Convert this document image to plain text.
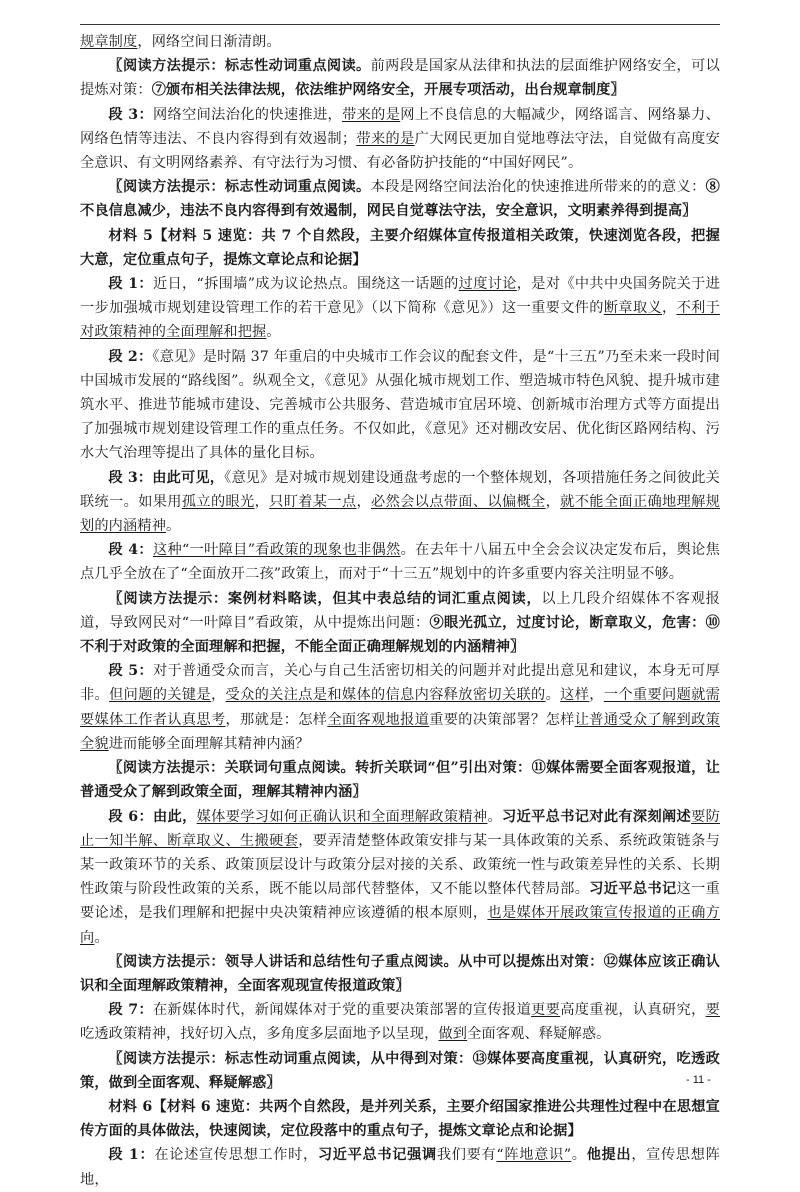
规章制度，网络空间日渐清朗。

〖阅读方法提示：标志性动词重点阅读。前两段是国家从法律和执法的层面维护网络安全，可以提炼对策：⑦颁布相关法律法规，依法维护网络安全，开展专项活动，出台规章制度〗

段 3：网络空间法治化的快速推进，带来的是网上不良信息的大幅减少，网络谣言、网络暴力、网络色情等违法、不良内容得到有效遏制；带来的是广大网民更加自觉地尊法守法，自觉做有高度安全意识、有文明网络素养、有守法行为习惯、有必备防护技能的“中国好网民”。

〖阅读方法提示：标志性动词重点阅读。本段是网络空间法治化的快速推进所带来的的意义：⑧不良信息减少，违法不良内容得到有效遏制，网民自觉尊法守法，安全意识，文明素养得到提高〗

材料 5【材料 5 速览：共 7 个自然段，主要介绍媒体宣传报道相关政策，快速浏览各段，把握大意，定位重点句子，提炼文章论点和论据】

段 1：近日，“拆围墙”成为议论热点。围绕这一话题的过度讨论，是对《中共中央国务院关于进一步加强城市规划建设管理工作的若干意见》（以下简称《意见》）这一重要文件的断章取义，不利于对政策精神的全面理解和把握。

段 2：《意见》是时隔 37 年重启的中央城市工作会议的配套文件，是“十三五”乃至未来一段时间中国城市发展的“路线图”。纵观全文，《意见》从强化城市规划工作、塑造城市特色风貌、提升城市建筑水平、推进节能城市建设、完善城市公共服务、营造城市宜居环境、创新城市治理方式等方面提出了加强城市规划建设管理工作的重点任务。不仅如此，《意见》还对棚改安居、优化街区路网结构、污水大气治理等提出了具体的量化目标。

段 3：由此可见，《意见》是对城市规划建设通盘考虑的一个整体规划，各项措施任务之间彼此关联统一。如果用孤立的眼光，只盯着某一点，必然会以点带面、以偏概全，就不能全面正确地理解规划的内涵精神。

段 4：这种“一叶障目”看政策的现象也非偶然。在去年十八届五中全会会议决定发布后，舆论焦点几乎全放在了“全面放开二孩”政策上，而对于“十三五”规划中的许多重要内容关注明显不够。

〖阅读方法提示：案例材料略读，但其中表总结的词汇重点阅读，以上几段介绍媒体不客观报道，导致网民对“一叶障目”看政策，从中提炼出问题：⑨眼光孤立，过度讨论，断章取义，危害：⑩不利于对政策的全面理解和把握，不能全面正确理解规划的内涵精神〗

段 5：对于普通受众而言，关心与自己生活密切相关的问题并对此提出意见和建议，本身无可厚非。但问题的关键是，受众的关注点是和媒体的信息内容释放密切关联的。这样，一个重要问题就需要媒体工作者认真思考，那就是：怎样全面客观地报道重要的决策部署？怎样让普通受众了解到政策全貌进而能够全面理解其精神内涵？

〖阅读方法提示：关联词句重点阅读。转折关联词“但”引出对策：⑪媒体需要全面客观报道，让普通受众了解到政策全面，理解其精神内涵〗

段 6：由此，媒体要学习如何正确认识和全面理解政策精神。习近平总书记对此有深刻阐述要防止一知半解、断章取义、生搬硬套，要弄清楚整体政策安排与某一具体政策的关系、系统政策链条与某一政策环节的关系、政策顶层设计与政策分层对接的关系、政策统一性与政策差异性的关系、长期性政策与阶段性政策的关系，既不能以局部代替整体，又不能以整体代替局部。习近平总书记这一重要论述，是我们理解和把握中央决策精神应该遵循的根本原则，也是媒体开展政策宣传报道的正确方向。

〖阅读方法提示：领导人讲话和总结性句子重点阅读。从中可以提炼出对策：⑫媒体应该正确认识和全面理解政策精神，全面客观现宣传报道政策〗

段 7：在新媒体时代，新闻媒体对于党的重要决策部署的宣传报道更要高度重视，认真研究，要吃透政策精神，找好切入点，多角度多层面地予以呈现，做到全面客观、释疑解惑。

〖阅读方法提示：标志性动词重点阅读，从中得到对策：⑬媒体要高度重视，认真研究，吃透政策，做到全面客观、释疑解惑〗

材料 6【材料 6 速览：共两个自然段，是并列关系，主要介绍国家推进公共理性过程中在思想宣传方面的具体做法，快速阅读，定位段落中的重点句子，提炼文章论点和论据】

段 1：在论述宣传思想工作时，习近平总书记强调我们要有“阵地意识”。他提出，宣传思想阵地，

- 11 -
